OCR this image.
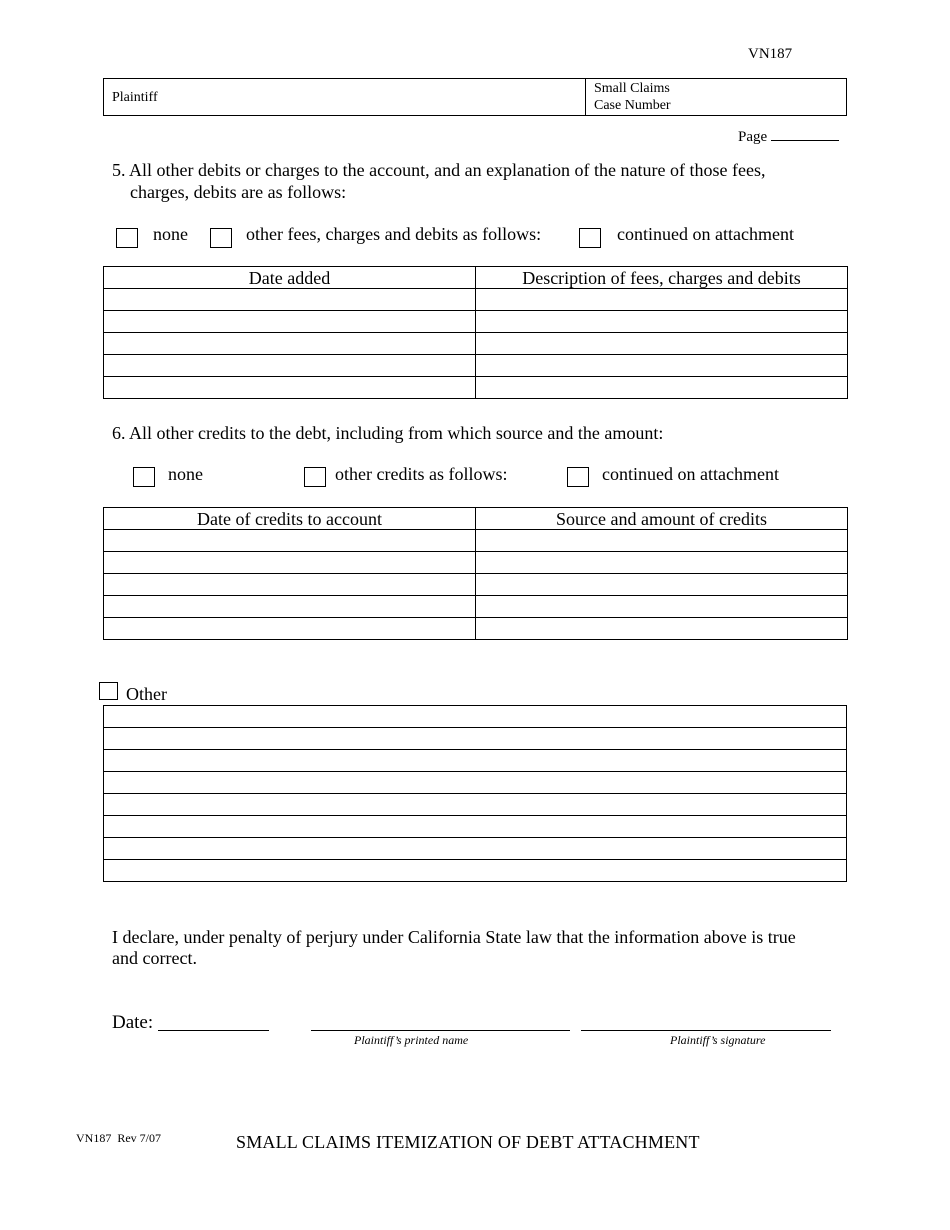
VN187
Plaintiff
Small Claims
Case Number
Page
5. All other debits or charges to the account, and an explanation of the nature of those fees,
charges, debits are as follows:
none	other fees, charges and debits as follows:	continued on attachment
Date added	Description of fees, charges and debits

6. All other credits to the debt, including from which source and the amount:
none	other credits as follows:	continued on attachment
Date of credits to account	Source and amount of credits

Other

I declare, under penalty of perjury under California State law that the information above is true
and correct.
Date:
Plaintiff’s printed name	Plaintiff’s signature
VN187  Rev 7/07	SMALL CLAIMS ITEMIZATION OF DEBT ATTACHMENT
